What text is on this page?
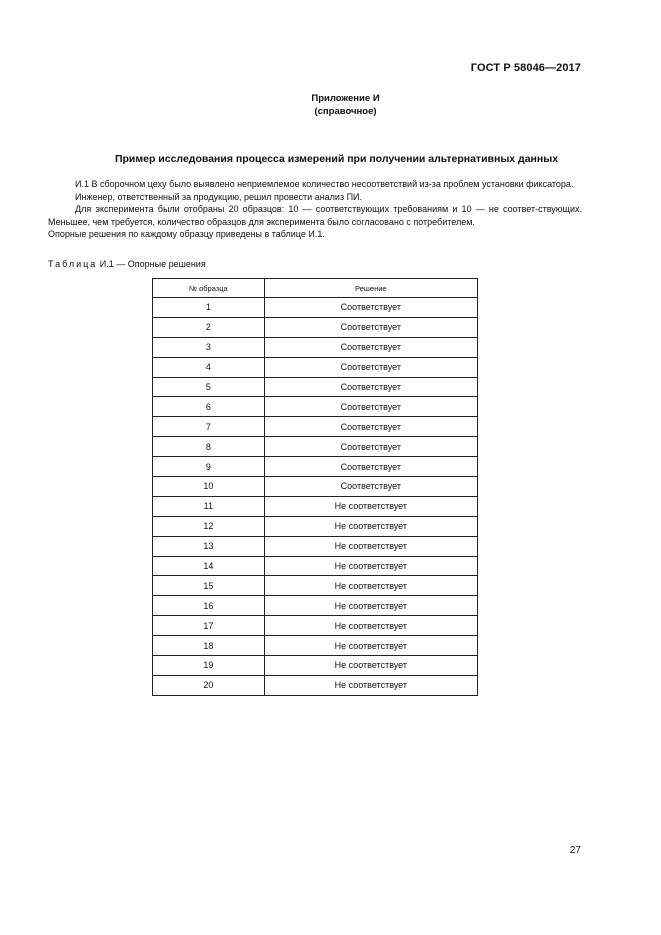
ГОСТ Р 58046—2017
Приложение И
(справочное)
Пример исследования процесса измерений при получении альтернативных данных

И.1 В сборочном цеху было выявлено неприемлемое количество несоответствий из-за проблем установки фиксатора.

Инженер, ответственный за продукцию, решил провести анализ ПИ.

Для эксперимента были отобраны 20 образцов: 10 — соответствующих требованиям и 10 — не соответ-ствующих. Меньшее, чем требуется, количество образцов для эксперимента было согласовано с потребителем.

Опорные решения по каждому образцу приведены в таблице И.1.

Таблица И.1 — Опорные решения
№ образца	Решение
1	Соответствует
2	Соответствует
3	Соответствует
4	Соответствует
5	Соответствует
6	Соответствует
7	Соответствует
8	Соответствует
9	Соответствует
10	Соответствует
11	Не соответствует
12	Не соответствует
13	Не соответствует
14	Не соответствует
15	Не соответствует
16	Не соответствует
17	Не соответствует
18	Не соответствует
19	Не соответствует
20	Не соответствует
27
